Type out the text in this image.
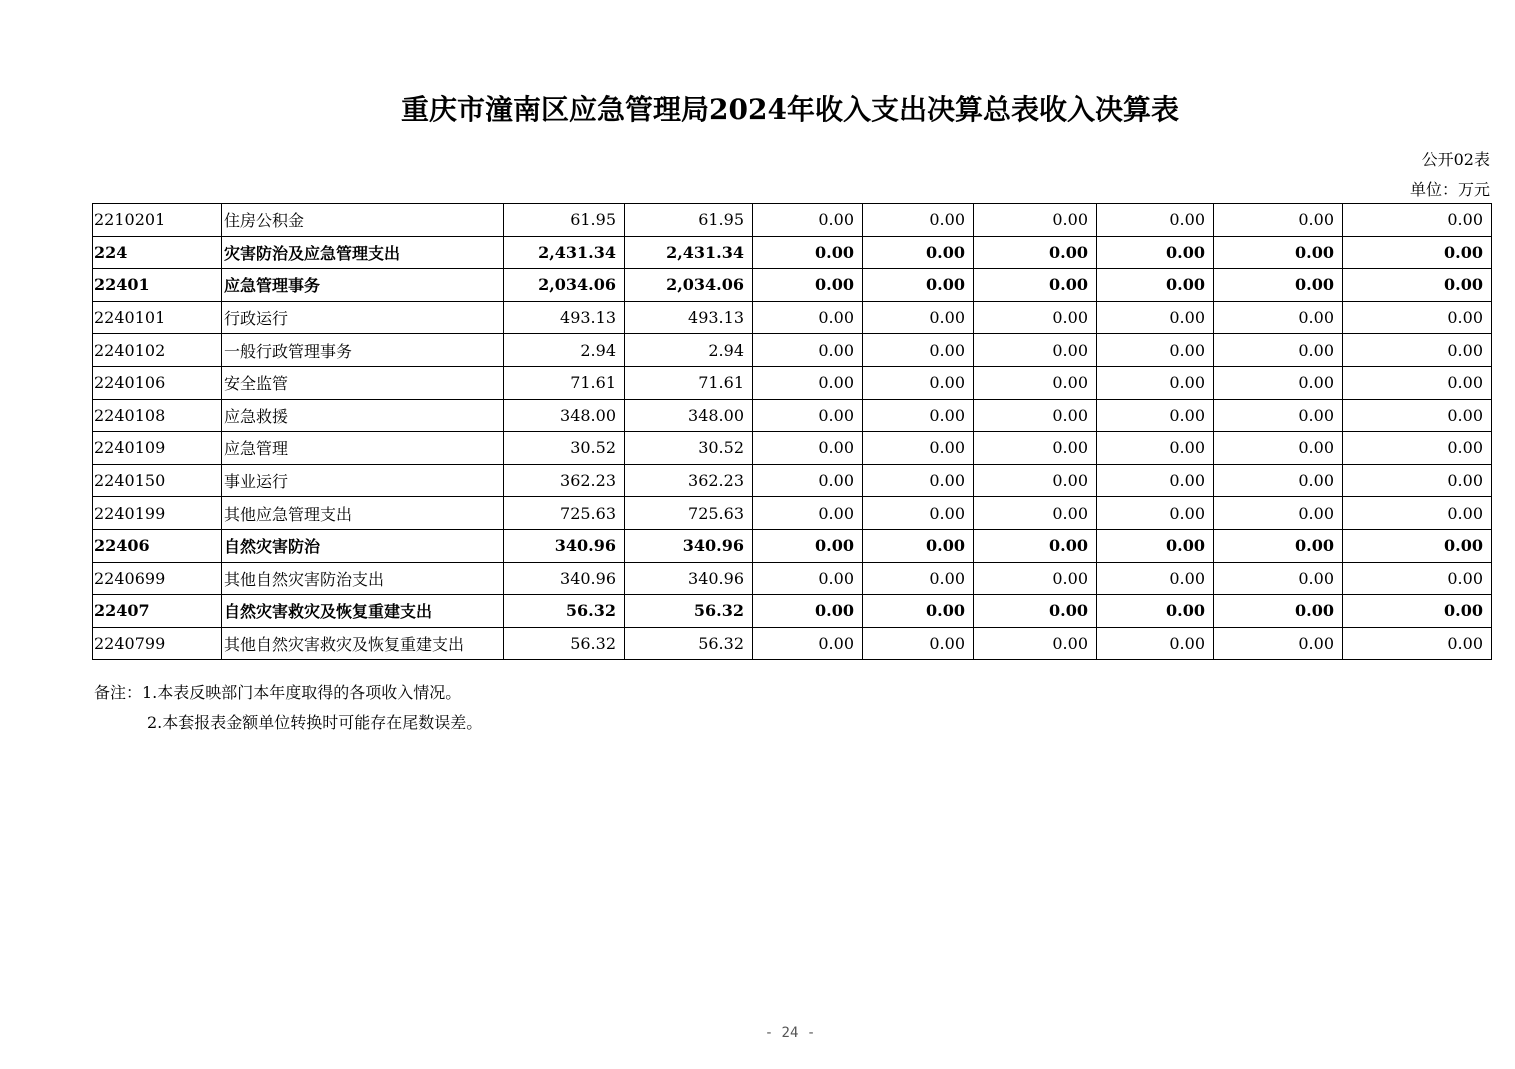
重庆市潼南区应急管理局2024年收入支出决算总表收入决算表
公开02表
单位：万元
2210201	住房公积金	61.95	61.95	0.00	0.00	0.00	0.00	0.00	0.00
224	灾害防治及应急管理支出	2,431.34	2,431.34	0.00	0.00	0.00	0.00	0.00	0.00
22401	应急管理事务	2,034.06	2,034.06	0.00	0.00	0.00	0.00	0.00	0.00
2240101	行政运行	493.13	493.13	0.00	0.00	0.00	0.00	0.00	0.00
2240102	一般行政管理事务	2.94	2.94	0.00	0.00	0.00	0.00	0.00	0.00
2240106	安全监管	71.61	71.61	0.00	0.00	0.00	0.00	0.00	0.00
2240108	应急救援	348.00	348.00	0.00	0.00	0.00	0.00	0.00	0.00
2240109	应急管理	30.52	30.52	0.00	0.00	0.00	0.00	0.00	0.00
2240150	事业运行	362.23	362.23	0.00	0.00	0.00	0.00	0.00	0.00
2240199	其他应急管理支出	725.63	725.63	0.00	0.00	0.00	0.00	0.00	0.00
22406	自然灾害防治	340.96	340.96	0.00	0.00	0.00	0.00	0.00	0.00
2240699	其他自然灾害防治支出	340.96	340.96	0.00	0.00	0.00	0.00	0.00	0.00
22407	自然灾害救灾及恢复重建支出	56.32	56.32	0.00	0.00	0.00	0.00	0.00	0.00
2240799	其他自然灾害救灾及恢复重建支出	56.32	56.32	0.00	0.00	0.00	0.00	0.00	0.00
备注：1.本表反映部门本年度取得的各项收入情况。
2.本套报表金额单位转换时可能存在尾数误差。
- 24 -
